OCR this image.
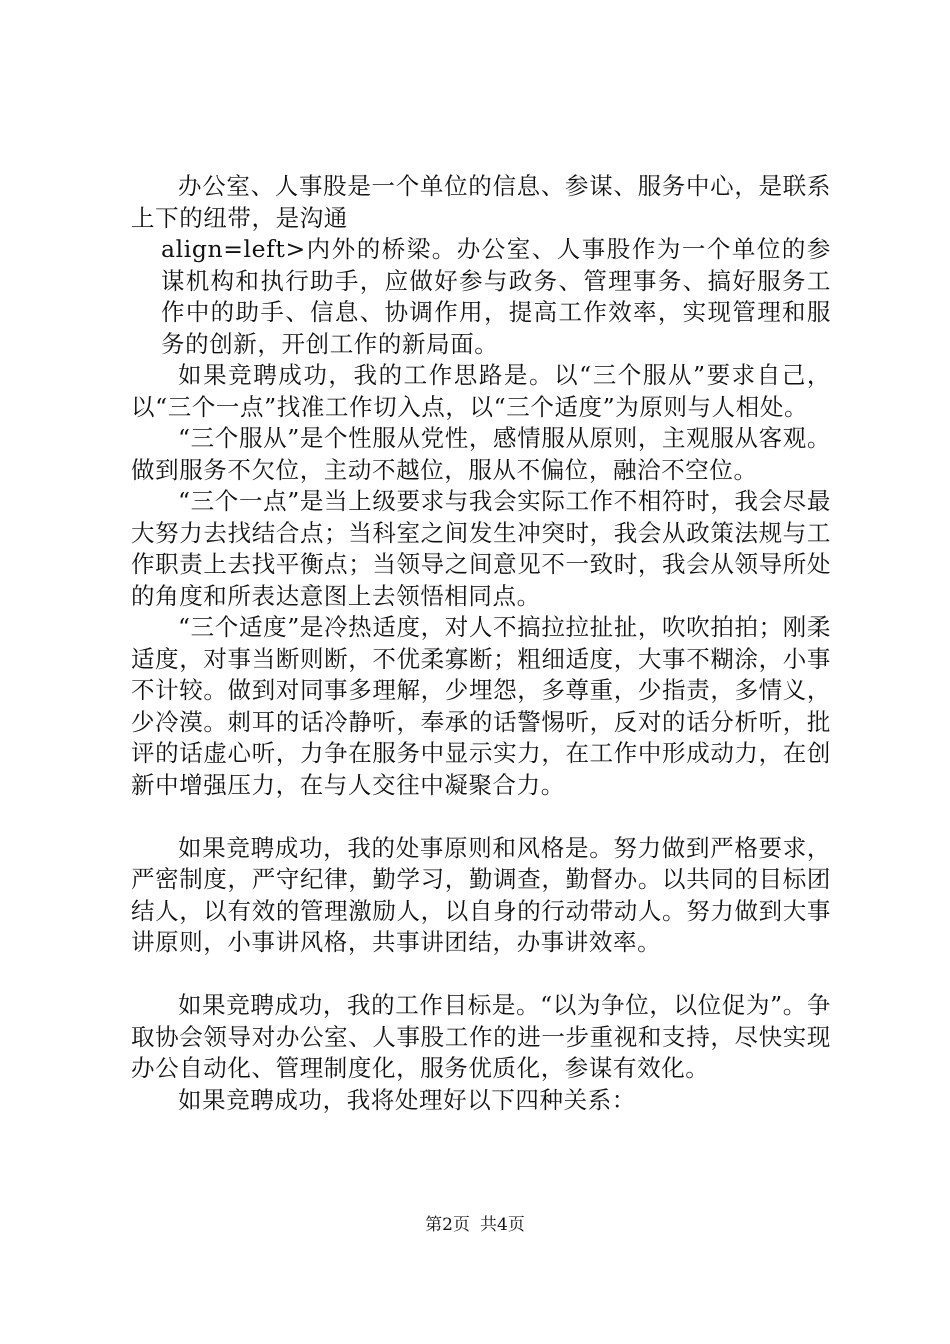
办公室、人事股是一个单位的信息、参谋、服务中心，是联系上下的纽带，是沟通

align=left>内外的桥梁。办公室、人事股作为一个单位的参谋机构和执行助手，应做好参与政务、管理事务、搞好服务工作中的助手、信息、协调作用，提高工作效率，实现管理和服务的创新，开创工作的新局面。

如果竞聘成功，我的工作思路是。以“三个服从”要求自己，以“三个一点”找准工作切入点，以“三个适度”为原则与人相处。

“三个服从”是个性服从党性，感情服从原则，主观服从客观。做到服务不欠位，主动不越位，服从不偏位，融洽不空位。

“三个一点”是当上级要求与我会实际工作不相符时，我会尽最大努力去找结合点；当科室之间发生冲突时，我会从政策法规与工作职责上去找平衡点；当领导之间意见不一致时，我会从领导所处的角度和所表达意图上去领悟相同点。

“三个适度”是冷热适度，对人不搞拉拉扯扯，吹吹拍拍；刚柔适度，对事当断则断，不优柔寡断；粗细适度，大事不糊涂，小事不计较。做到对同事多理解，少埋怨，多尊重，少指责，多情义，少冷漠。刺耳的话冷静听，奉承的话警惕听，反对的话分析听，批评的话虚心听，力争在服务中显示实力，在工作中形成动力，在创新中增强压力，在与人交往中凝聚合力。

如果竞聘成功，我的处事原则和风格是。努力做到严格要求，严密制度，严守纪律，勤学习，勤调查，勤督办。以共同的目标团结人，以有效的管理激励人，以自身的行动带动人。努力做到大事讲原则，小事讲风格，共事讲团结，办事讲效率。

如果竞聘成功，我的工作目标是。“以为争位，以位促为”。争取协会领导对办公室、人事股工作的进一步重视和支持，尽快实现办公自动化、管理制度化，服务优质化，参谋有效化。

如果竞聘成功，我将处理好以下四种关系：

第2页 共4页
